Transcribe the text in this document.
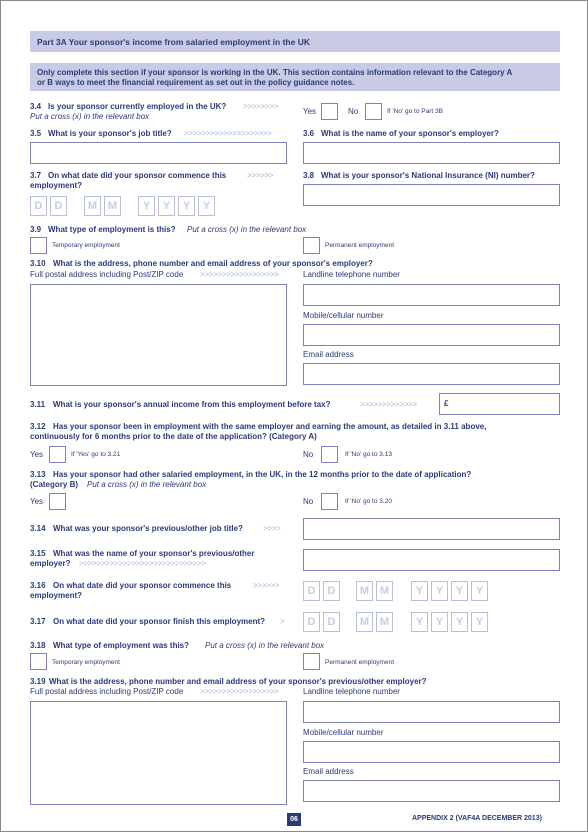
Part 3A Your sponsor's income from salaried employment in the UK
Only complete this section if your sponsor is working in the UK. This section contains information relevant to the Category A
or B ways to meet the financial requirement as set out in the policy guidance notes.
3.4 Is your sponsor currently employed in the UK? >>>>>>>>
Put a cross (x) in the relevant box
Yes	No	If 'No' go to Part 3B
3.5 What is your sponsor's job title? >>>>>>>>>>>>>>>>>>>>	3.6 What is the name of your sponsor's employer?
3.7 On what date did your sponsor commence this	>>>>>>
employment?
D	D	M M	Y	Y	Y	Y
3.8 What is your sponsor's National Insurance (NI) number?
3.9 What type of employment is this? Put a cross (x) in the relevant box
Temporary employment	Permanent employment
3.10 What is the address, phone number and email address of your sponsor's employer?
Full postal address including Post/ZIP code >>>>>>>>>>>>>>>>>>	Landline telephone number
Mobile/cellular number
Email address
3.11 What is your sponsor's annual income from this employment before tax?	>>>>>>>>>>>>>	£
3.12 Has your sponsor been in employment with the same employer and earning the amount, as detailed in 3.11 above,
continuously for 6 months prior to the date of the application? (Category A)
Yes	If 'Yes' go to 3.21	No	If 'No' go to 3.13
3.13 Has your sponsor had other salaried employment, in the UK, in the 12 months prior to the date of application?
(Category B) Put a cross (x) in the relevant box
Yes	No	If 'No' go to 3.20
3.14 What was your sponsor's previous/other job title?	>>>>
3.15 What was the name of your sponsor's previous/other
employer? >>>>>>>>>>>>>>>>>>>>>>>>>>>>>
3.16 On what date did your sponsor commence this	>>>>>>
employment?	D	D	M M	Y	Y	Y	Y
3.17 On what date did your sponsor finish this employment? >	D	D	M M	Y	Y	Y	Y
3.18 What type of employment was this? Put a cross (x) in the relevant box
Temporary employment	Permanent employment
3.19 What is the address, phone number and email address of your sponsor's previous/other employer?
Full postal address including Post/ZIP code >>>>>>>>>>>>>>>>>>	Landline telephone number
Mobile/cellular number
Email address
06	APPENDIX 2 (VAF4A DECEMBER 2013)
